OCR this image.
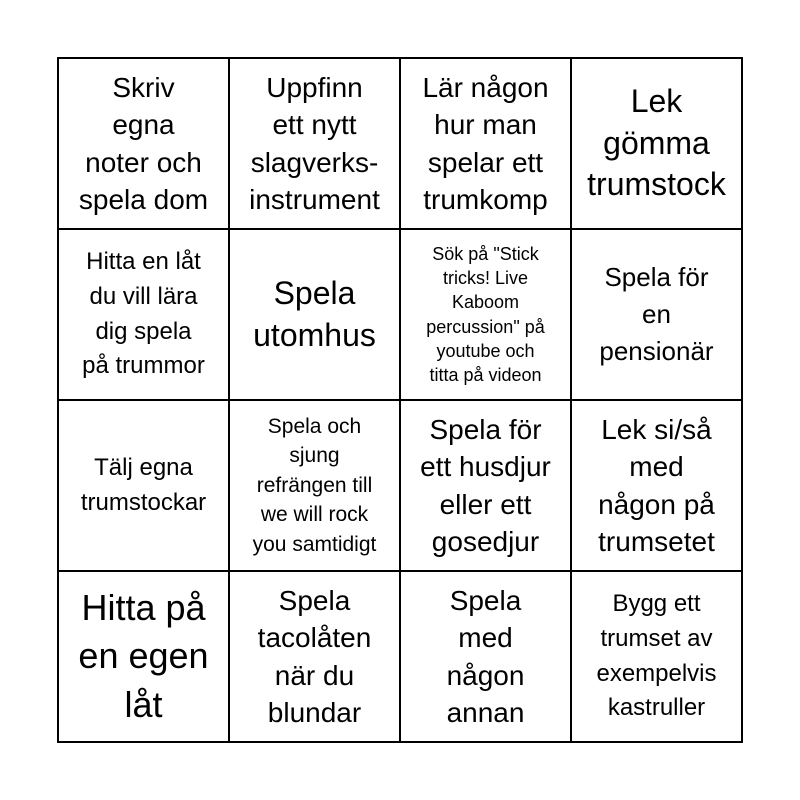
Skriv
egna
noter och
spela dom
Uppfinn
ett nytt
slagverks-
instrument
Lär någon
hur man
spelar ett
trumkomp
Lek
gömma
trumstock
Hitta en låt
du vill lära
dig spela
på trummor
Spela
utomhus
Sök på "Stick
tricks! Live
Kaboom
percussion" på
youtube och
titta på videon
Spela för
en
pensionär
Tälj egna
trumstockar
Spela och
sjung
refrängen till
we will rock
you samtidigt
Spela för
ett husdjur
eller ett
gosedjur
Lek si/så
med
någon på
trumsetet
Hitta på
en egen
låt
Spela
tacolåten
när du
blundar
Spela
med
någon
annan
Bygg ett
trumset av
exempelvis
kastruller
